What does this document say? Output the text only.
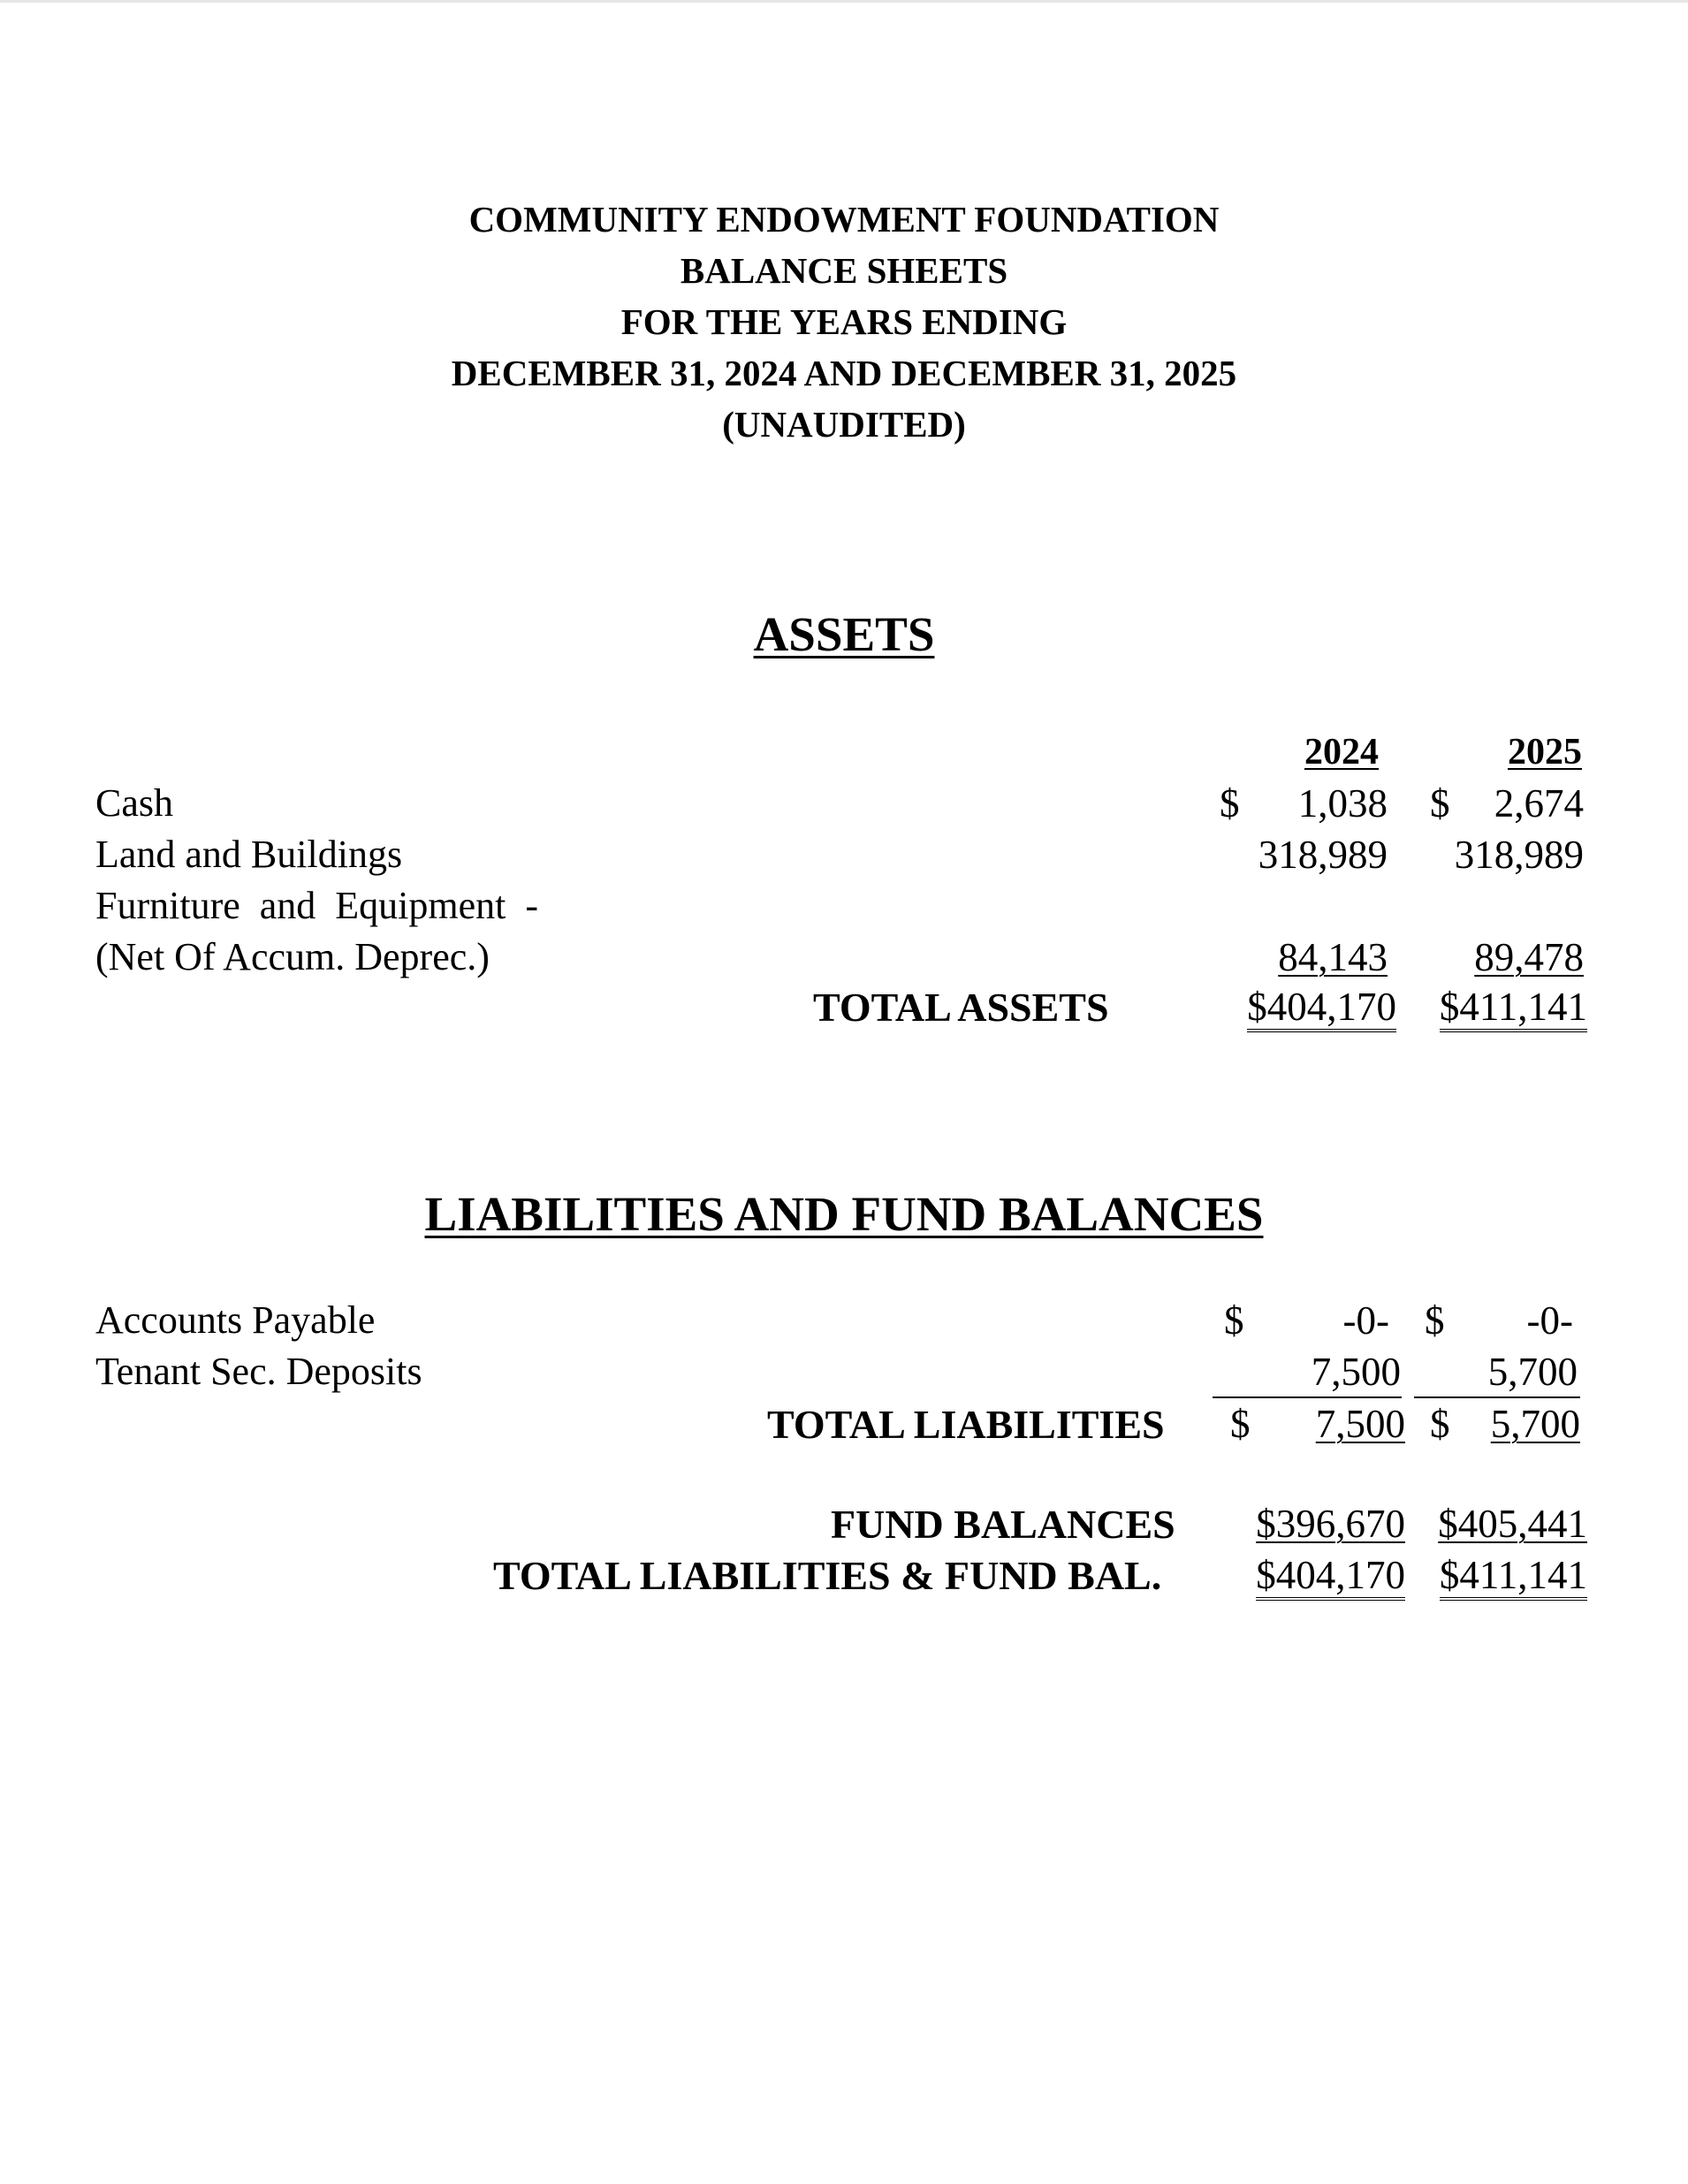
COMMUNITY ENDOWMENT FOUNDATION
BALANCE SHEETS
FOR THE YEARS ENDING
DECEMBER 31, 2024 AND DECEMBER 31, 2025
(UNAUDITED)
ASSETS
2024	2025
Cash	$	1,038 $	2,674
Land and Buildings	318,989	318,989
Furniture  and  Equipment  -
(Net Of Accum. Deprec.)	84,143	89,478
TOTAL ASSETS	$404,170	$411,141
LIABILITIES AND FUND BALANCES
Accounts Payable	$	-0- $	-0-
Tenant Sec. Deposits	7,500	5,700
TOTAL LIABILITIES $	7,500 $	5,700
FUND BALANCES	$396,670 $405,441
TOTAL LIABILITIES & FUND BAL.	$404,170 $411,141
